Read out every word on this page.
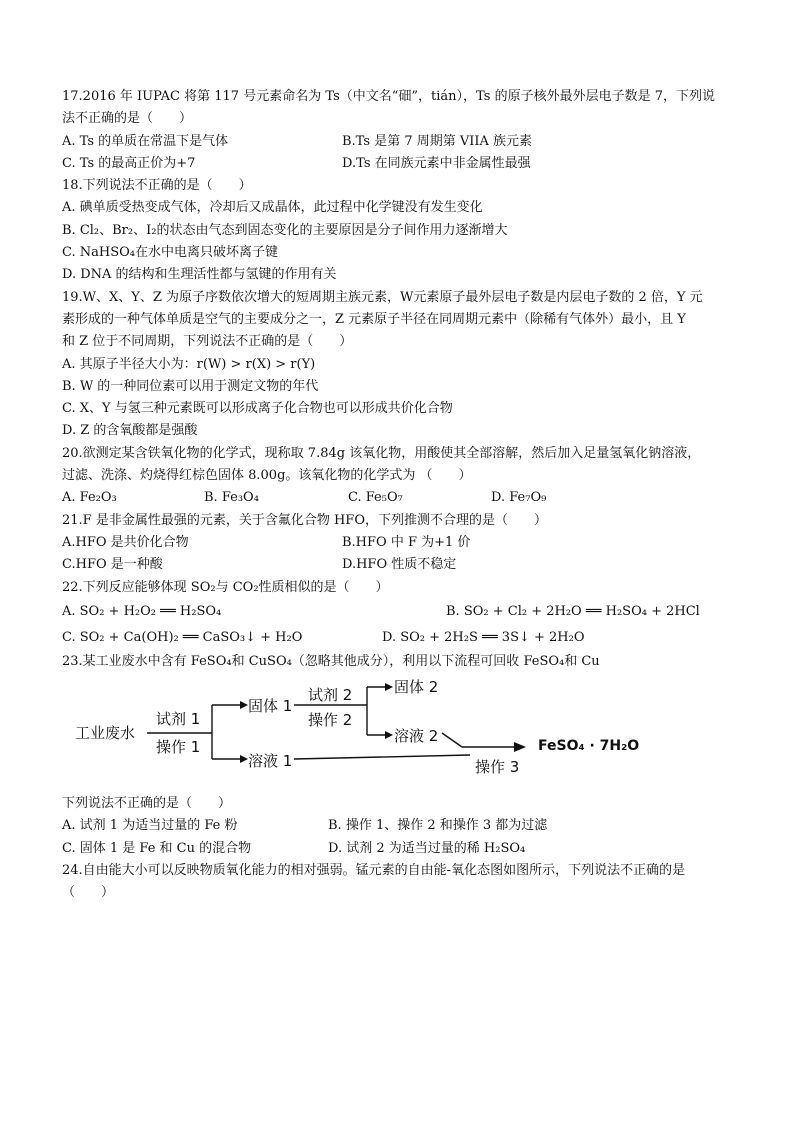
17.2016 年 IUPAC 将第 117 号元素命名为 Ts（中文名“鿬”，tián），Ts 的原子核外最外层电子数是 7，下列说
法不正确的是（　　）
A. Ts 的单质在常温下是气体	B.Ts 是第 7 周期第 VIIA 族元素
C. Ts 的最高正价为+7	D.Ts 在同族元素中非金属性最强
18.下列说法不正确的是（　　）
A. 碘单质受热变成气体，冷却后又成晶体，此过程中化学键没有发生变化
B. Cl₂、Br₂、I₂的状态由气态到固态变化的主要原因是分子间作用力逐渐增大
C. NaHSO₄在水中电离只破坏离子键
D. DNA 的结构和生理活性都与氢键的作用有关
19.W、X、Y、Z 为原子序数依次增大的短周期主族元素，W元素原子最外层电子数是内层电子数的 2 倍，Y 元
素形成的一种气体单质是空气的主要成分之一，Z 元素原子半径在同周期元素中（除稀有气体外）最小，且 Y
和 Z 位于不同周期，下列说法不正确的是（　　）
A. 其原子半径大小为：r(W) > r(X) > r(Y)
B. W 的一种同位素可以用于测定文物的年代
C. X、Y 与氢三种元素既可以形成离子化合物也可以形成共价化合物
D. Z 的含氧酸都是强酸
20.欲测定某含铁氧化物的化学式，现称取 7.84g 该氧化物，用酸使其全部溶解，然后加入足量氢氧化钠溶液，
过滤、洗涤、灼烧得红棕色固体 8.00g。该氧化物的化学式为 （　　）
A. Fe₂O₃	B. Fe₃O₄	C. Fe₅O₇	D. Fe₇O₉
21.F 是非金属性最强的元素，关于含氟化合物 HFO，下列推测不合理的是（　　）
A.HFO 是共价化合物	B.HFO 中 F 为+1 价
C.HFO 是一种酸	D.HFO 性质不稳定
22.下列反应能够体现 SO₂与 CO₂性质相似的是（　　）
A. SO₂ + H₂O₂ ══ H₂SO₄	B. SO₂ + Cl₂ + 2H₂O ══ H₂SO₄ + 2HCl
C. SO₂ + Ca(OH)₂ ══ CaSO₃↓ + H₂O	D. SO₂ + 2H₂S ══ 3S↓ + 2H₂O
23.某工业废水中含有 FeSO₄和 CuSO₄（忽略其他成分），利用以下流程可回收 FeSO₄和 Cu
工业废水
试剂 1
操作 1
固体 1
试剂 2
操作 2
固体 2
溶液 2
溶液 1	操作 3
FeSO₄ · 7H₂O
下列说法不正确的是（　　）
A. 试剂 1 为适当过量的 Fe 粉	B. 操作 1、操作 2 和操作 3 都为过滤
C. 固体 1 是 Fe 和 Cu 的混合物	D. 试剂 2 为适当过量的稀 H₂SO₄
24.自由能大小可以反映物质氧化能力的相对强弱。锰元素的自由能-氧化态图如图所示，下列说法不正确的是
（　　）
